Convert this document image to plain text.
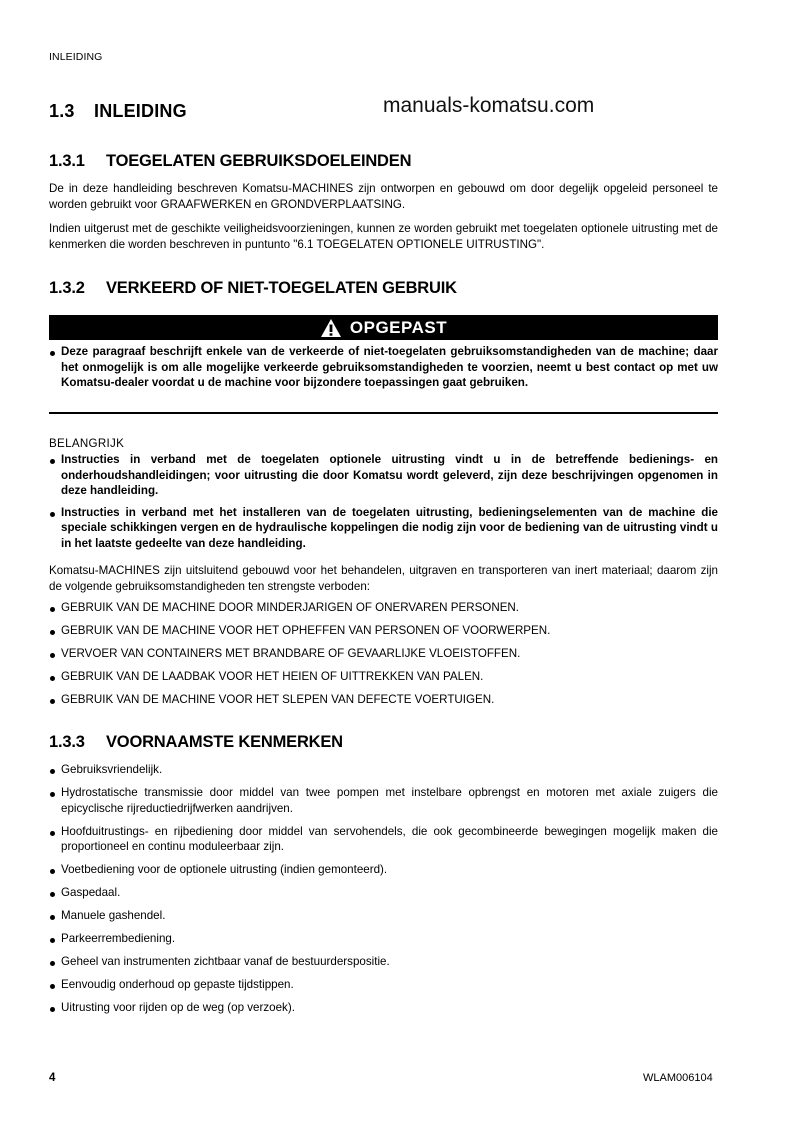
INLEIDING
1.3 INLEIDING	manuals-komatsu.com
1.3.1 TOEGELATEN GEBRUIKSDOELEINDEN
De in deze handleiding beschreven Komatsu-MACHINES zijn ontworpen en gebouwd om door degelijk opgeleid personeel te worden gebruikt voor GRAAFWERKEN en GRONDVERPLAATSING.
Indien uitgerust met de geschikte veiligheidsvoorzieningen, kunnen ze worden gebruikt met toegelaten optionele uitrusting met de kenmerken die worden beschreven in puntunto "6.1 TOEGELATEN OPTIONELE UITRUSTING".
1.3.2 VERKEERD OF NIET-TOEGELATEN GEBRUIK
OPGEPAST
Deze paragraaf beschrijft enkele van de verkeerde of niet-toegelaten gebruiksomstandigheden van de machine; daar het onmogelijk is om alle mogelijke verkeerde gebruiksomstandigheden te voorzien, neemt u best contact op met uw Komatsu-dealer voordat u de machine voor bijzondere toepassingen gaat gebruiken.
BELANGRIJK
Instructies in verband met de toegelaten optionele uitrusting vindt u in de betreffende bedienings- en onderhoudshandleidingen; voor uitrusting die door Komatsu wordt geleverd, zijn deze beschrijvingen opgenomen in deze handleiding.
Instructies in verband met het installeren van de toegelaten uitrusting, bedieningselementen van de machine die speciale schikkingen vergen en de hydraulische koppelingen die nodig zijn voor de bediening van de uitrusting vindt u in het laatste gedeelte van deze handleiding.
Komatsu-MACHINES zijn uitsluitend gebouwd voor het behandelen, uitgraven en transporteren van inert materiaal; daarom zijn de volgende gebruiksomstandigheden ten strengste verboden:
GEBRUIK VAN DE MACHINE DOOR MINDERJARIGEN OF ONERVAREN PERSONEN.
GEBRUIK VAN DE MACHINE VOOR HET OPHEFFEN VAN PERSONEN OF VOORWERPEN.
VERVOER VAN CONTAINERS MET BRANDBARE OF GEVAARLIJKE VLOEISTOFFEN.
GEBRUIK VAN DE LAADBAK VOOR HET HEIEN OF UITTREKKEN VAN PALEN.
GEBRUIK VAN DE MACHINE VOOR HET SLEPEN VAN DEFECTE VOERTUIGEN.
1.3.3 VOORNAAMSTE KENMERKEN
Gebruiksvriendelijk.
Hydrostatische transmissie door middel van twee pompen met instelbare opbrengst en motoren met axiale zuigers die epicyclische rijreductiedrijfwerken aandrijven.
Hoofduitrustings- en rijbediening door middel van servohendels, die ook gecombineerde bewegingen mogelijk maken die proportioneel en continu moduleerbaar zijn.
Voetbediening voor de optionele uitrusting (indien gemonteerd).
Gaspedaal.
Manuele gashendel.
Parkeerrembediening.
Geheel van instrumenten zichtbaar vanaf de bestuurderspositie.
Eenvoudig onderhoud op gepaste tijdstippen.
Uitrusting voor rijden op de weg (op verzoek).
4	WLAM006104
